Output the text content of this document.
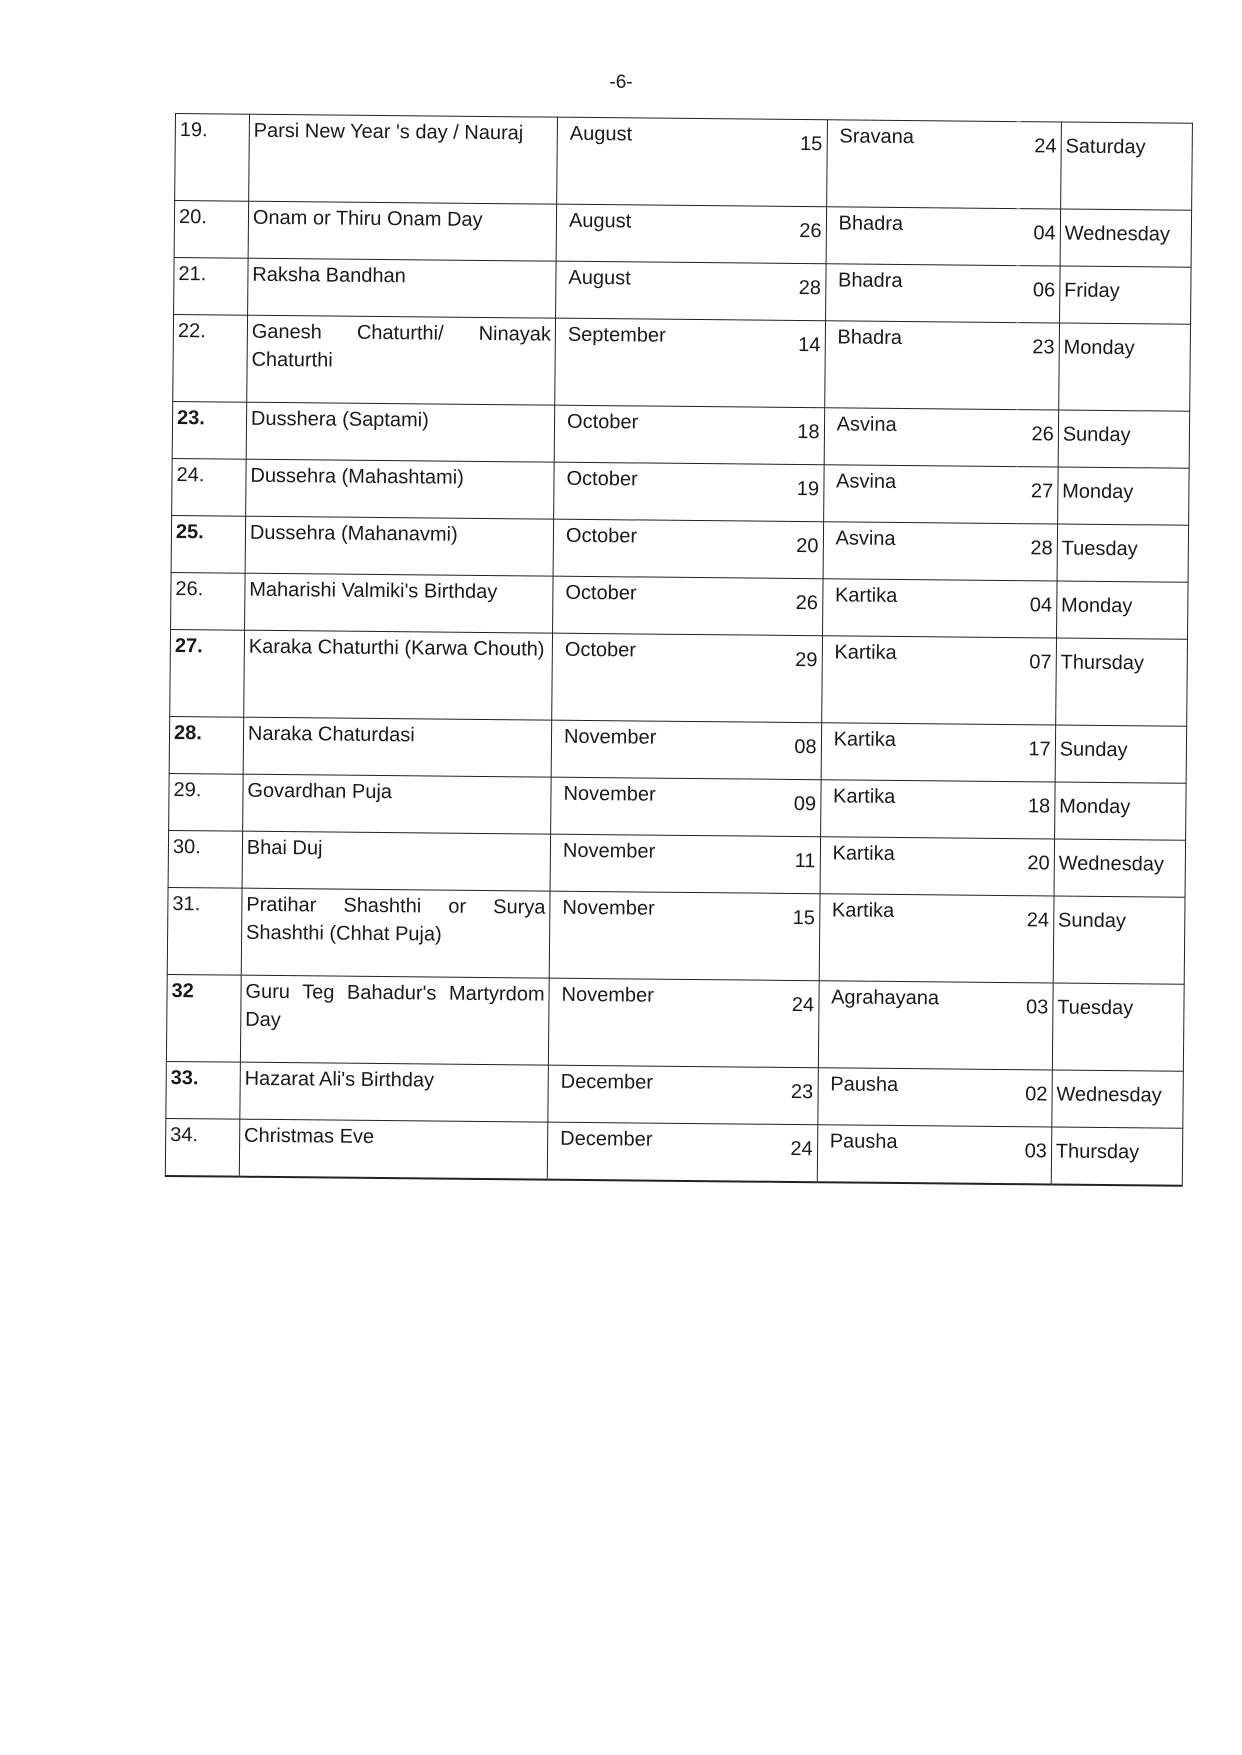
-6-
19.	Parsi New Year 's day / Nauraj	August	15	Sravana	24	Saturday
20.	Onam or Thiru Onam Day	August	26	Bhadra	04	Wednesday
21.	Raksha Bandhan	August	28	Bhadra	06	Friday
22.	Ganesh Chaturthi/ Ninayak Chaturthi	September	14	Bhadra	23	Monday
23.	Dusshera (Saptami)	October	18	Asvina	26	Sunday
24.	Dussehra (Mahashtami)	October	19	Asvina	27	Monday
25.	Dussehra (Mahanavmi)	October	20	Asvina	28	Tuesday
26.	Maharishi Valmiki's Birthday	October	26	Kartika	04	Monday
27.	Karaka Chaturthi (Karwa Chouth)	October	29	Kartika	07	Thursday
28.	Naraka Chaturdasi	November	08	Kartika	17	Sunday
29.	Govardhan Puja	November	09	Kartika	18	Monday
30.	Bhai Duj	November	11	Kartika	20	Wednesday
31.	Pratihar Shashthi or Surya Shashthi (Chhat Puja)	November	15	Kartika	24	Sunday
32	Guru Teg Bahadur's Martyrdom Day	November	24	Agrahayana	03	Tuesday
33.	Hazarat Ali's Birthday	December	23	Pausha	02	Wednesday
34.	Christmas Eve	December	24	Pausha	03	Thursday
